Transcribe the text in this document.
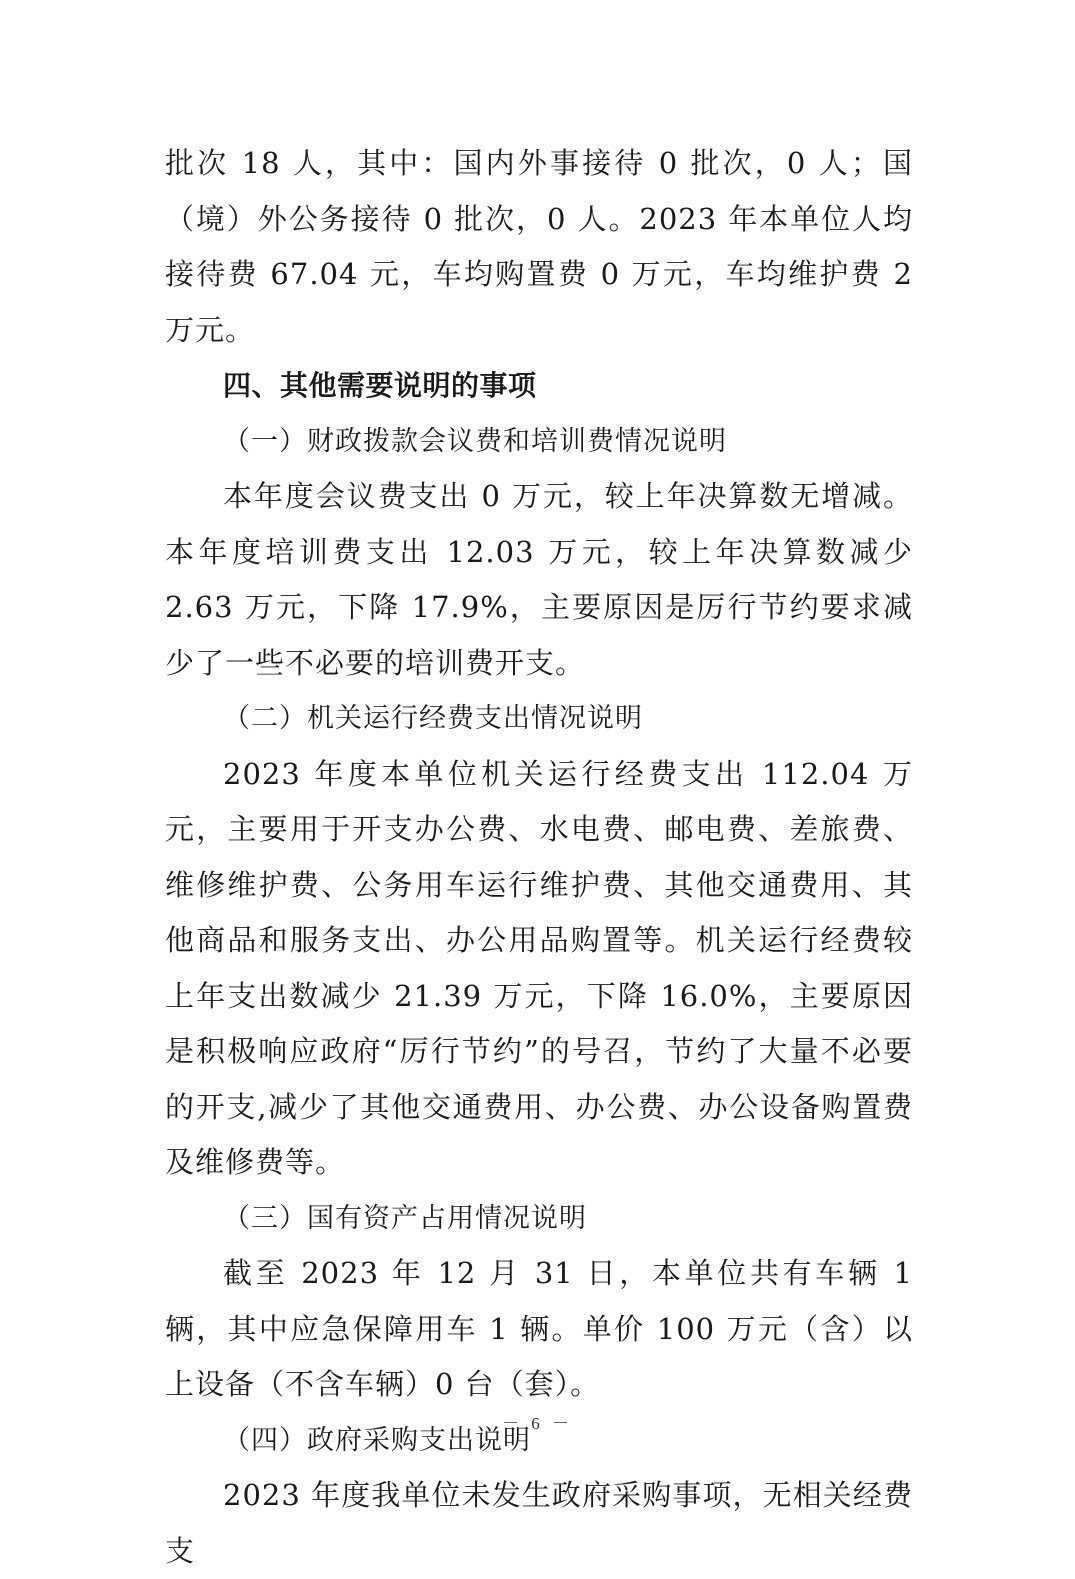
批次 18 人，其中：国内外事接待 0 批次，0 人；国（境）外公务接待 0 批次，0 人。2023 年本单位人均接待费 67.04 元，车均购置费 0 万元，车均维护费 2 万元。

四、其他需要说明的事项

（一）财政拨款会议费和培训费情况说明

本年度会议费支出 0 万元，较上年决算数无增减。本年度培训费支出 12.03 万元，较上年决算数减少 2.63 万元，下降 17.9%，主要原因是厉行节约要求减少了一些不必要的培训费开支。

（二）机关运行经费支出情况说明

2023 年度本单位机关运行经费支出 112.04 万元，主要用于开支办公费、水电费、邮电费、差旅费、维修维护费、公务用车运行维护费、其他交通费用、其他商品和服务支出、办公用品购置等。机关运行经费较上年支出数减少 21.39 万元，下降 16.0%，主要原因是积极响应政府“厉行节约”的号召，节约了大量不必要的开支,减少了其他交通费用、办公费、办公设备购置费及维修费等。

（三）国有资产占用情况说明

截至 2023 年 12 月 31 日，本单位共有车辆 1 辆，其中应急保障用车 1 辆。单价 100 万元（含）以上设备（不含车辆）0 台（套）。

（四）政府采购支出说明

2023 年度我单位未发生政府采购事项，无相关经费支

－ 6 －
